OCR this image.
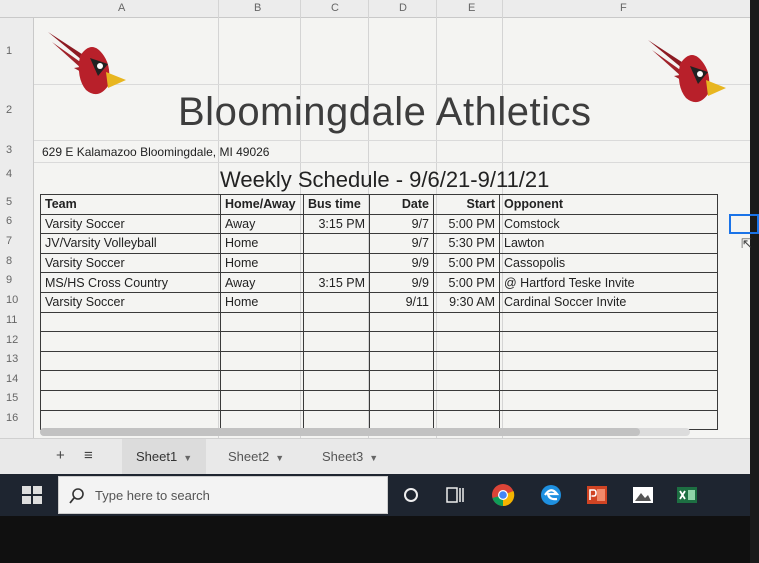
A	B	C	D	E	F
1
2
3
4
5
6
7
8
9
10
11
12
13
14
15
16
Bloomingdale Athletics
629 E Kalamazoo Bloomingdale, MI 49026
Weekly Schedule - 9/6/21-9/11/21
Team	Home/Away	Bus time	Date	Start	Opponent
Varsity Soccer	Away	3:15 PM	9/7	5:00 PM	Comstock
JV/Varsity Volleyball	Home		9/7	5:30 PM	Lawton
Varsity Soccer	Home		9/9	5:00 PM	Cassopolis
MS/HS Cross Country	Away	3:15 PM	9/9	5:00 PM	@ Hartford Teske Invite
Varsity Soccer	Home		9/11	9:30 AM	Cardinal Soccer Invite

⇱
+ ≡	Sheet1 ▼	Sheet2 ▼	Sheet3 ▼
Type here to search
